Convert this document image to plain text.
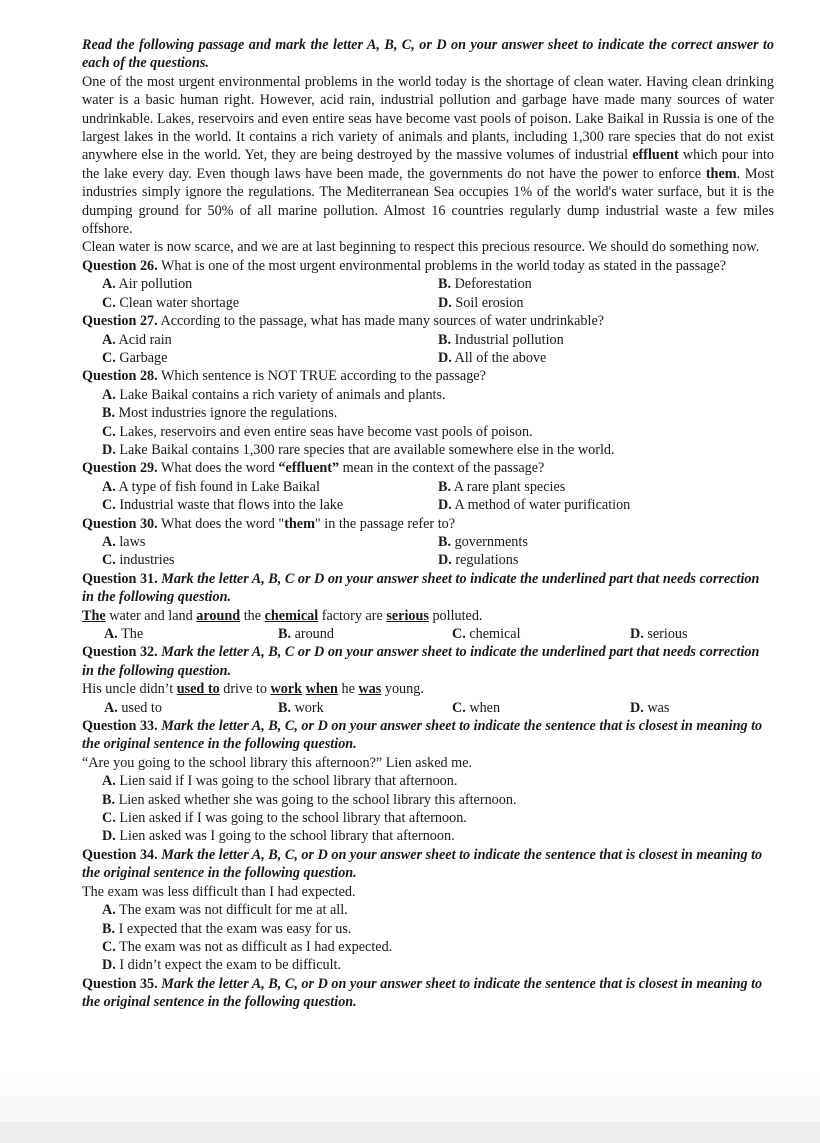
Read the following passage and mark the letter A, B, C, or D on your answer sheet to indicate the correct answer to each of the questions.

One of the most urgent environmental problems in the world today is the shortage of clean water. Having clean drinking water is a basic human right. However, acid rain, industrial pollution and garbage have made many sources of water undrinkable. Lakes, reservoirs and even entire seas have become vast pools of poison. Lake Baikal in Russia is one of the largest lakes in the world. It contains a rich variety of animals and plants, including 1,300 rare species that do not exist anywhere else in the world. Yet, they are being destroyed by the massive volumes of industrial effluent which pour into the lake every day. Even though laws have been made, the governments do not have the power to enforce them. Most industries simply ignore the regulations. The Mediterranean Sea occupies 1% of the world's water surface, but it is the dumping ground for 50% of all marine pollution. Almost 16 countries regularly dump industrial waste a few miles offshore.

Clean water is now scarce, and we are at last beginning to respect this precious resource. We should do something now.

Question 26. What is one of the most urgent environmental problems in the world today as stated in the passage?

A. Air pollution	B. Deforestation
C. Clean water shortage	D. Soil erosion

Question 27. According to the passage, what has made many sources of water undrinkable?

A. Acid rain	B. Industrial pollution
C. Garbage	D. All of the above

Question 28. Which sentence is NOT TRUE according to the passage?

A. Lake Baikal contains a rich variety of animals and plants.
B. Most industries ignore the regulations.
C. Lakes, reservoirs and even entire seas have become vast pools of poison.
D. Lake Baikal contains 1,300 rare species that are available somewhere else in the world.

Question 29. What does the word “effluent” mean in the context of the passage?

A. A type of fish found in Lake Baikal	B. A rare plant species
C. Industrial waste that flows into the lake	D. A method of water purification

Question 30. What does the word "them" in the passage refer to?

A. laws	B. governments
C. industries	D. regulations

Question 31. Mark the letter A, B, C or D on your answer sheet to indicate the underlined part that needs correction in the following question.

The water and land around the chemical factory are serious polluted.

A. The	B. around	C. chemical	D. serious

Question 32. Mark the letter A, B, C or D on your answer sheet to indicate the underlined part that needs correction in the following question.

His uncle didn’t used to drive to work when he was young.

A. used to	B. work	C. when	D. was

Question 33. Mark the letter A, B, C, or D on your answer sheet to indicate the sentence that is closest in meaning to the original sentence in the following question.

“Are you going to the school library this afternoon?” Lien asked me.

A. Lien said if I was going to the school library that afternoon.
B. Lien asked whether she was going to the school library this afternoon.
C. Lien asked if I was going to the school library that afternoon.
D. Lien asked was I going to the school library that afternoon.

Question 34. Mark the letter A, B, C, or D on your answer sheet to indicate the sentence that is closest in meaning to the original sentence in the following question.

The exam was less difficult than I had expected.

A. The exam was not difficult for me at all.
B. I expected that the exam was easy for us.
C. The exam was not as difficult as I had expected.
D. I didn’t expect the exam to be difficult.

Question 35. Mark the letter A, B, C, or D on your answer sheet to indicate the sentence that is closest in meaning to the original sentence in the following question.
